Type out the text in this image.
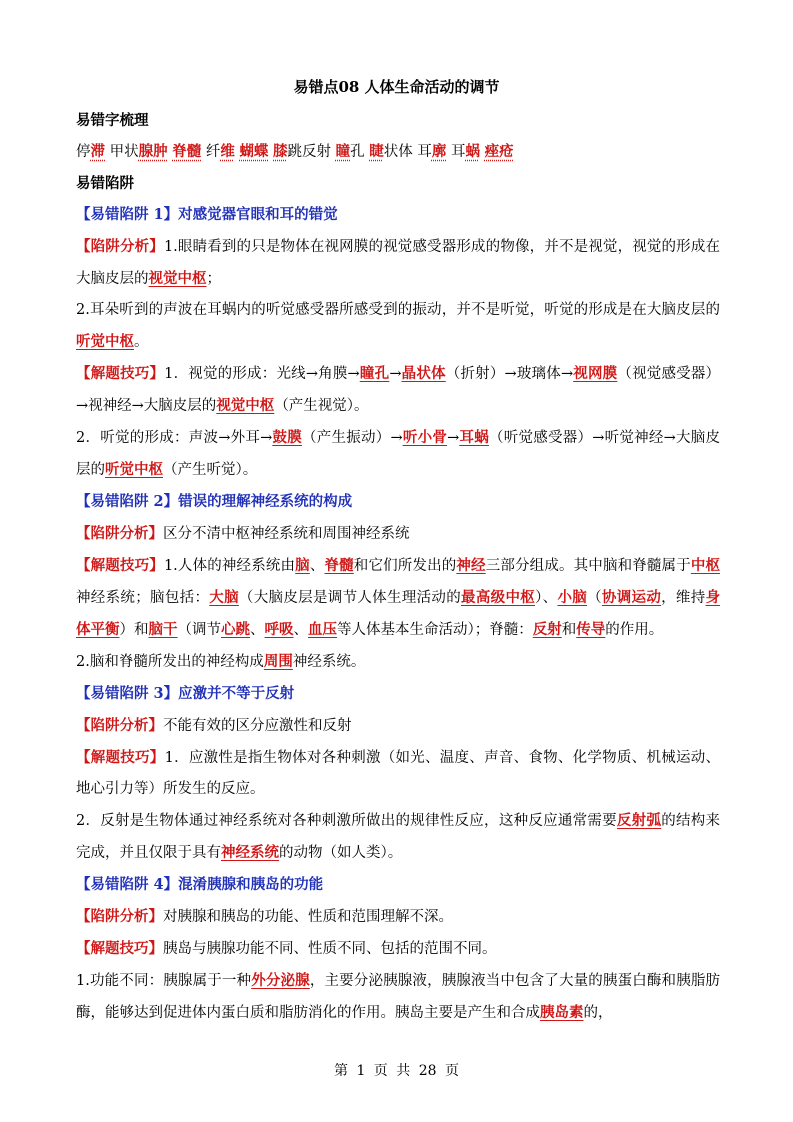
易错点08 人体生命活动的调节

易错字梳理

停滞 甲状腺肿 脊髓 纤维 蝴蝶 膝跳反射 瞳孔 睫状体 耳廓 耳蜗 痤疮

易错陷阱

【易错陷阱 1】对感觉器官眼和耳的错觉

【陷阱分析】1.眼睛看到的只是物体在视网膜的视觉感受器形成的物像，并不是视觉，视觉的形成在大脑皮层的视觉中枢；

2.耳朵听到的声波在耳蜗内的听觉感受器所感受到的振动，并不是听觉，听觉的形成是在大脑皮层的听觉中枢。

【解题技巧】1．视觉的形成：光线→角膜→瞳孔→晶状体（折射）→玻璃体→视网膜（视觉感受器）→视神经→大脑皮层的视觉中枢（产生视觉）。

2．听觉的形成：声波→外耳→鼓膜（产生振动）→听小骨→耳蜗（听觉感受器）→听觉神经→大脑皮层的听觉中枢（产生听觉）。

【易错陷阱 2】错误的理解神经系统的构成

【陷阱分析】区分不清中枢神经系统和周围神经系统

【解题技巧】1.人体的神经系统由脑、脊髓和它们所发出的神经三部分组成。其中脑和脊髓属于中枢神经系统；脑包括：大脑（大脑皮层是调节人体生理活动的最高级中枢）、小脑（协调运动，维持身体平衡）和脑干（调节心跳、呼吸、血压等人体基本生命活动）；脊髓：反射和传导的作用。

2.脑和脊髓所发出的神经构成周围神经系统。

【易错陷阱 3】应激并不等于反射

【陷阱分析】不能有效的区分应激性和反射

【解题技巧】1．应激性是指生物体对各种刺激（如光、温度、声音、食物、化学物质、机械运动、地心引力等）所发生的反应。

2．反射是生物体通过神经系统对各种刺激所做出的规律性反应，这种反应通常需要反射弧的结构来完成，并且仅限于具有神经系统的动物（如人类）。

【易错陷阱 4】混淆胰腺和胰岛的功能

【陷阱分析】对胰腺和胰岛的功能、性质和范围理解不深。

【解题技巧】胰岛与胰腺功能不同、性质不同、包括的范围不同。

1.功能不同：胰腺属于一种外分泌腺，主要分泌胰腺液，胰腺液当中包含了大量的胰蛋白酶和胰脂肪酶，能够达到促进体内蛋白质和脂肪消化的作用。胰岛主要是产生和合成胰岛素的，

第 1 页 共 28 页
